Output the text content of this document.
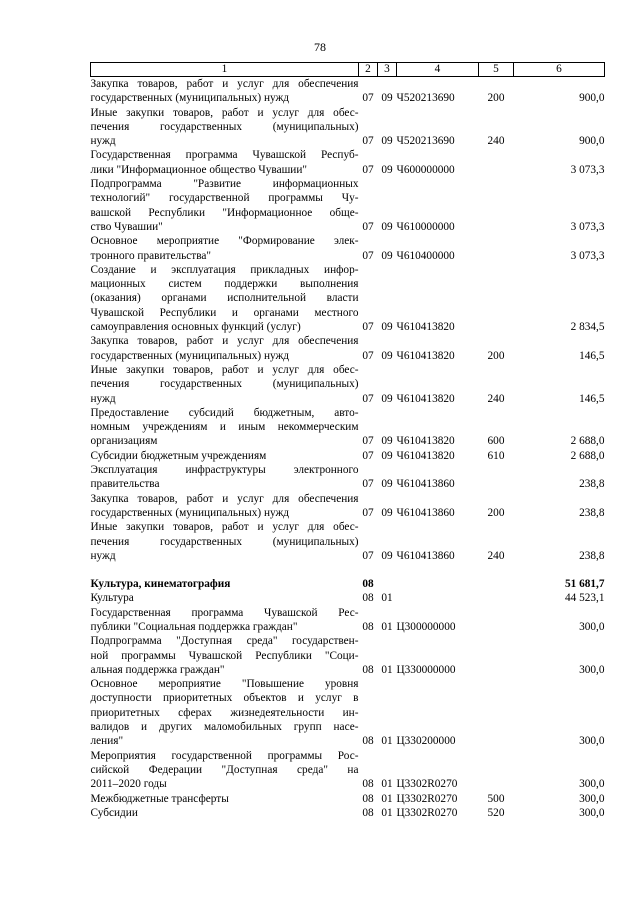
78
1	2	3	4	5	6

Закупка товаров, работ и услуг для обеспечения
государственных (муниципальных) нужд	07	09	Ч520213690	200	900,0

Иные закупки товаров, работ и услуг для обес-
печения государственных (муниципальных)
нужд	07	09	Ч520213690	240	900,0

Государственная программа Чувашской Респуб-
лики "Информационное общество Чувашии"	07	09	Ч600000000		3 073,3

Подпрограмма "Развитие информационных
технологий" государственной программы Чу-
вашской Республики "Информационное обще-
ство Чувашии"	07	09	Ч610000000		3 073,3

Основное мероприятие "Формирование элек-
тронного правительства"	07	09	Ч610400000		3 073,3

Создание и эксплуатация прикладных инфор-
мационных систем поддержки выполнения
(оказания) органами исполнительной власти
Чувашской Республики и органами местного
самоуправления основных функций (услуг)	07	09	Ч610413820		2 834,5

Закупка товаров, работ и услуг для обеспечения
государственных (муниципальных) нужд	07	09	Ч610413820	200	146,5

Иные закупки товаров, работ и услуг для обес-
печения государственных (муниципальных)
нужд	07	09	Ч610413820	240	146,5

Предоставление субсидий бюджетным, авто-
номным учреждениям и иным некоммерческим
организациям	07	09	Ч610413820	600	2 688,0

Субсидии бюджетным учреждениям	07	09	Ч610413820	610	2 688,0

Эксплуатация инфраструктуры электронного
правительства	07	09	Ч610413860		238,8

Закупка товаров, работ и услуг для обеспечения
государственных (муниципальных) нужд	07	09	Ч610413860	200	238,8

Иные закупки товаров, работ и услуг для обес-
печения государственных (муниципальных)
нужд	07	09	Ч610413860	240	238,8

Культура, кинематография	08				51 681,7

Культура	08	01			44 523,1

Государственная программа Чувашской Рес-
публики "Социальная поддержка граждан"	08	01	Ц300000000		300,0

Подпрограмма "Доступная среда" государствен-
ной программы Чувашской Республики "Соци-
альная поддержка граждан"	08	01	Ц330000000		300,0

Основное мероприятие "Повышение уровня
доступности приоритетных объектов и услуг в
приоритетных сферах жизнедеятельности ин-
валидов и других маломобильных групп насе-
ления"	08	01	Ц330200000		300,0

Мероприятия государственной программы Рос-
сийской Федерации "Доступная среда" на
2011–2020 годы	08	01	Ц3302R0270		300,0

Межбюджетные трансферты	08	01	Ц3302R0270	500	300,0

Субсидии	08	01	Ц3302R0270	520	300,0
